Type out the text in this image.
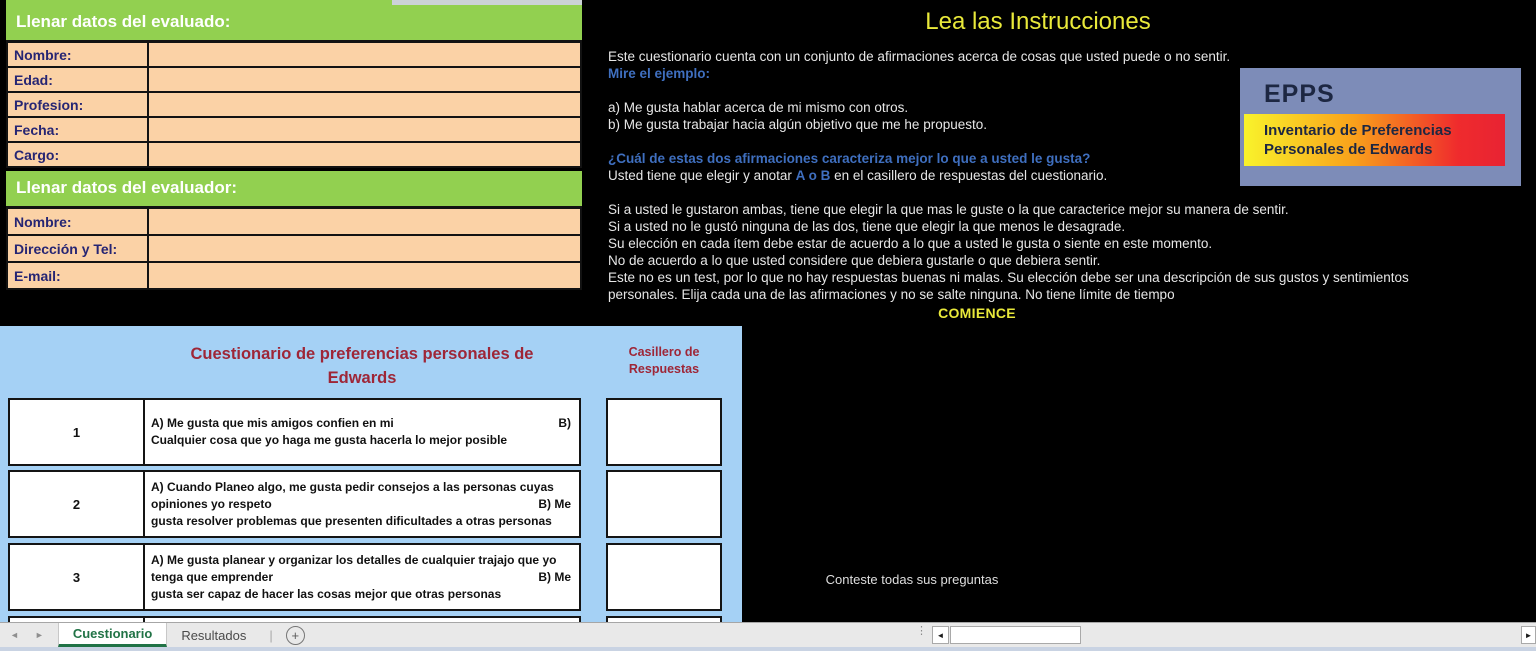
Llenar datos del evaluado:
Nombre:
Edad:
Profesion:
Fecha:
Cargo:
Llenar datos del evaluador:
Nombre:
Dirección y Tel:
E-mail:
Lea las Instrucciones
Este cuestionario cuenta con un conjunto de afirmaciones acerca de cosas que usted puede o no sentir.
Mire el ejemplo:

a) Me gusta hablar acerca de mi mismo con otros.
b) Me gusta trabajar hacia algún objetivo que me he propuesto.

¿Cuál de estas dos afirmaciones caracteriza mejor lo que a usted le gusta?
Usted tiene que elegir y anotar A o B en el casillero de respuestas del cuestionario.

Si a usted le gustaron ambas, tiene que elegir la que mas le guste o la que caracterice mejor su manera de sentir.
Si a usted no le gustó ninguna de las dos, tiene que elegir la que menos le desagrade.
Su elección en cada ítem debe estar de acuerdo a lo que a usted le gusta o siente en este momento.
No de acuerdo a lo que usted considere que debiera gustarle o que debiera sentir.
Este no es un test, por lo que no hay respuestas buenas ni malas. Su elección debe ser una descripción de sus gustos y sentimientos
personales. Elija cada una de las afirmaciones y no se salte ninguna. No tiene límite de tiempo
COMIENCE
EPPS
Inventario de Preferencias
Personales de Edwards
Cuestionario de preferencias personales de
Edwards
Casillero de
Respuestas
1
A) Me gusta que mis amigos confien en mi	B)
Cualquier cosa que yo haga me gusta hacerla lo mejor posible
2
A) Cuando Planeo algo, me gusta pedir consejos a las personas cuyas
opiniones yo respeto	B) Me
gusta resolver problemas que presenten dificultades a otras personas
3
A) Me gusta planear y organizar los detalles de cualquier trajajo que yo
tenga que emprender	B) Me
gusta ser capaz de hacer las cosas mejor que otras personas
Conteste todas sus preguntas
◄ ►	Cuestionario	Resultados	|	+	⋮	◄	►
